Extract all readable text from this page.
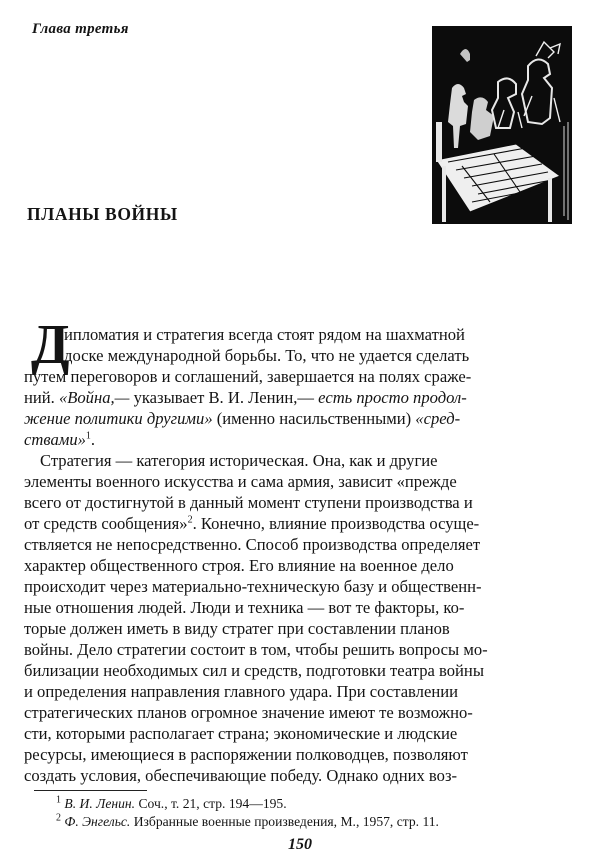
Глава третья
ПЛАНЫ ВОЙНЫ
Д
ипломатия и стратегия всегда стоят рядом на шахматной
доске международной борьбы. То, что не удается сделать
путем переговоров и соглашений, завершается на полях сраже-
ний. «Война,— указывает В. И. Ленин,— есть просто продол-
жение политики другими» (именно насильственными) «сред-
ствами»$^1$.
Стратегия — категория историческая. Она, как и другие
элементы военного искусства и сама армия, зависит «прежде
всего от достигнутой в данный момент ступени производства и
от средств сообщения»$^2$. Конечно, влияние производства осуще-
ствляется не непосредственно. Способ производства определяет
характер общественного строя. Его влияние на военное дело
происходит через материально-техническую базу и общественн-
ные отношения людей. Люди и техника — вот те факторы, ко-
торые должен иметь в виду стратег при составлении планов
войны. Дело стратегии состоит в том, чтобы решить вопросы мо-
билизации необходимых сил и средств, подготовки театра войны
и определения направления главного удара. При составлении
стратегических планов огромное значение имеют те возможно-
сти, которыми располагает страна; экономические и людские
ресурсы, имеющиеся в распоряжении полководцев, позволяют
создать условия, обеспечивающие победу. Однако одних воз-
$^1$ В. И. Ленин. Соч., т. 21, стр. 194—195.
$^2$ Ф. Энгельс. Избранные военные произведения, М., 1957, стр. 11.
150
